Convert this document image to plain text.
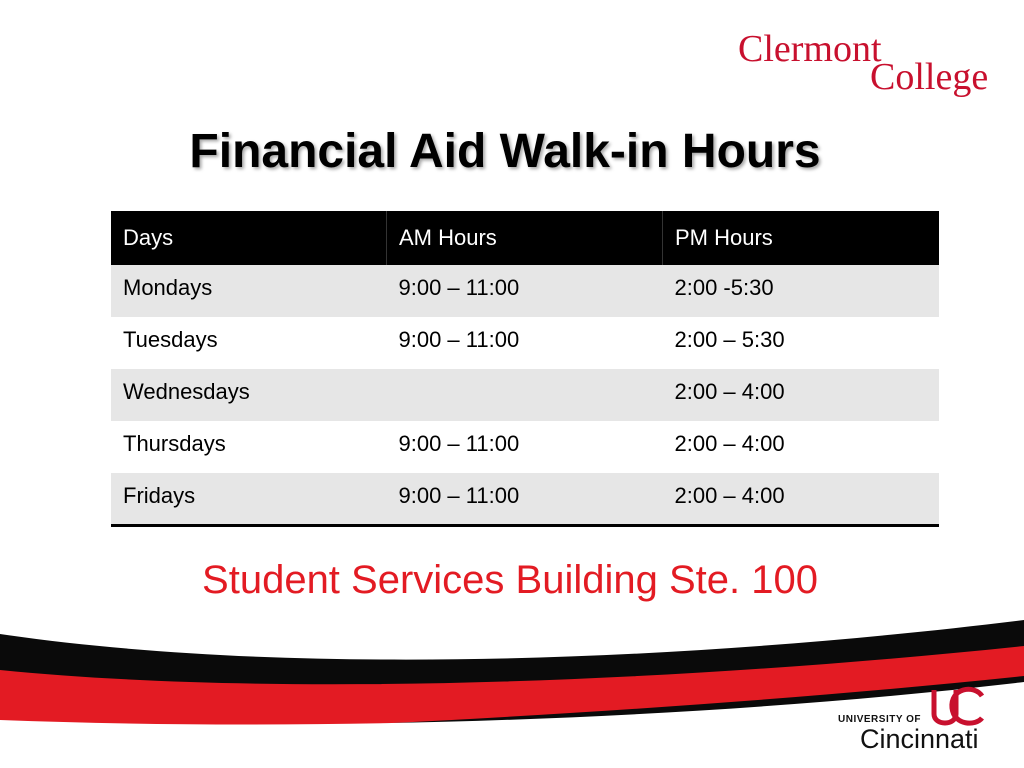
Clermont
College
Financial Aid Walk-in Hours
Days	AM Hours	PM Hours
Mondays	9:00 – 11:00	2:00 -5:30
Tuesdays	9:00 – 11:00	2:00 – 5:30
Wednesdays		2:00 – 4:00
Thursdays	9:00 – 11:00	2:00 – 4:00
Fridays	9:00 – 11:00	2:00 – 4:00
Student Services Building Ste. 100
UNIVERSITY OF
Cincinnati
